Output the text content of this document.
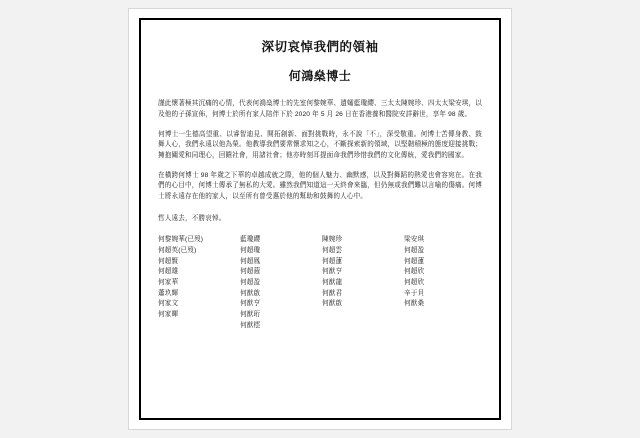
深切哀悼我們的領袖
何鴻燊博士

謹此懷著極其沉痛的心情，代表何鴻燊博士的先室何黎婉華、遺孀藍瓊纓、三太太陳婉珍、四太太梁安琪，以及他的子孫宣佈，何博士於所有家人陪伴下於 2020 年 5 月 26 日在香港養和醫院安詳辭世，享年 98 歲。

何博士一生德高望重、以睿智迪見、開拓創新、面對挑戰時，永不說「不」，深受敬重。何博士苦傳身教、鼓舞人心，我們永遠以他為榮。他教導我們要常懷求知之心，不斷探索新的領域，以堅韌積極的態度迎接挑戰；擁抱關愛和同理心，回饋社會，用諸社會；他亦時刻耳提面命我們珍惜我們的文化傳統，愛我們的國家。

在橫跨何博士 98 年歲之下華的卓越成就之際，他的個人魅力、幽默感，以及對舞蹈的熱愛也會容宛在。在我們的心目中，何博士傳承了無私的大愛。雖然我們知道這一天終會來臨，但仍無或我們難以言喻的傷痛。何博士將永遠存在他的家人，以至所有曾受惠於他的幫助和鼓舞的人心中。

哲人遠去，不勝哀悼。

何黎婉華(已歿)
何超英(已歿)
何超賢
何超雄
何家華
蕭玖輝
何家文
何家暉
藍瓊纓
何超瓊
何超鳳
何超蕸
何超盈
何猷啟
何猷亨
何猷珩
何猷橒
陳婉珍
何超雲
何超蓮
何猷亨
何猷龍
何猷君
何猷啟
梁安琪
何超盈
何超蓮
何超欣
何超欣
辛于貝
何猷桑
